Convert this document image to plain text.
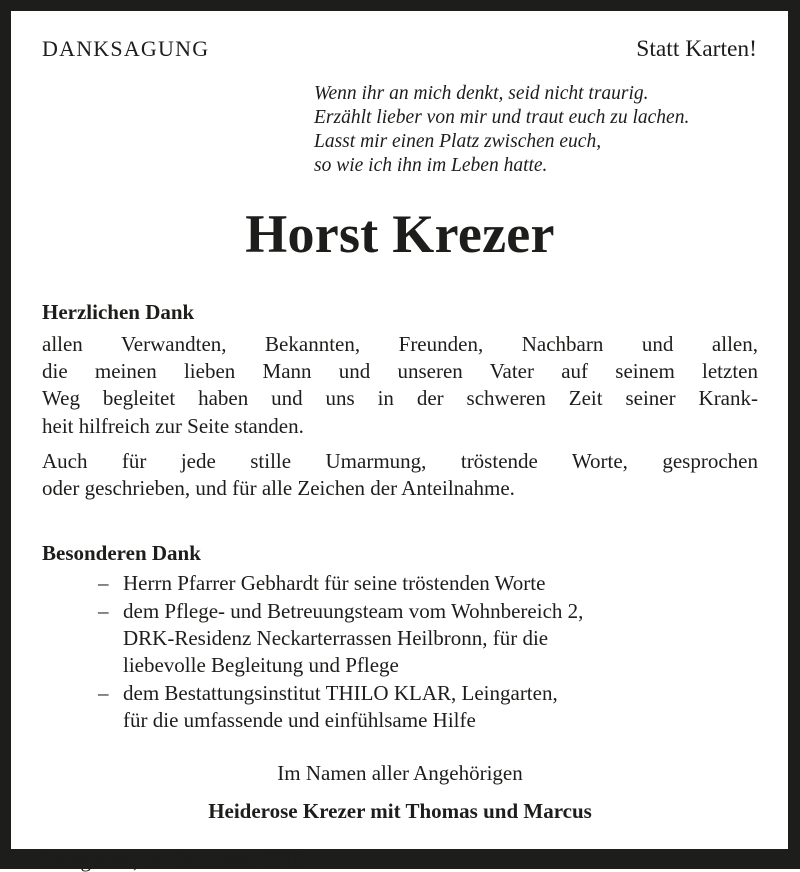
DANKSAGUNG	Statt Karten!
Wenn ihr an mich denkt, seid nicht traurig.
Erzählt lieber von mir und traut euch zu lachen.
Lasst mir einen Platz zwischen euch,
so wie ich ihn im Leben hatte.
Horst Krezer
Herzlichen Dank
allen Verwandten, Bekannten, Freunden, Nachbarn und allen,
die meinen lieben Mann und unseren Vater auf seinem letzten
Weg begleitet haben und uns in der schweren Zeit seiner Krank-
heit hilfreich zur Seite standen.
Auch für jede stille Umarmung, tröstende Worte, gesprochen
oder geschrieben, und für alle Zeichen der Anteilnahme.
Besonderen Dank
– Herrn Pfarrer Gebhardt für seine tröstenden Worte
– dem Pflege- und Betreuungsteam vom Wohnbereich 2,
DRK-Residenz Neckarterrassen Heilbronn, für die
liebevolle Begleitung und Pflege
– dem Bestattungsinstitut THILO KLAR, Leingarten,
für die umfassende und einfühlsame Hilfe
Im Namen aller Angehörigen
Heiderose Krezer mit Thomas und Marcus
Leingarten, im Dezember 2015
